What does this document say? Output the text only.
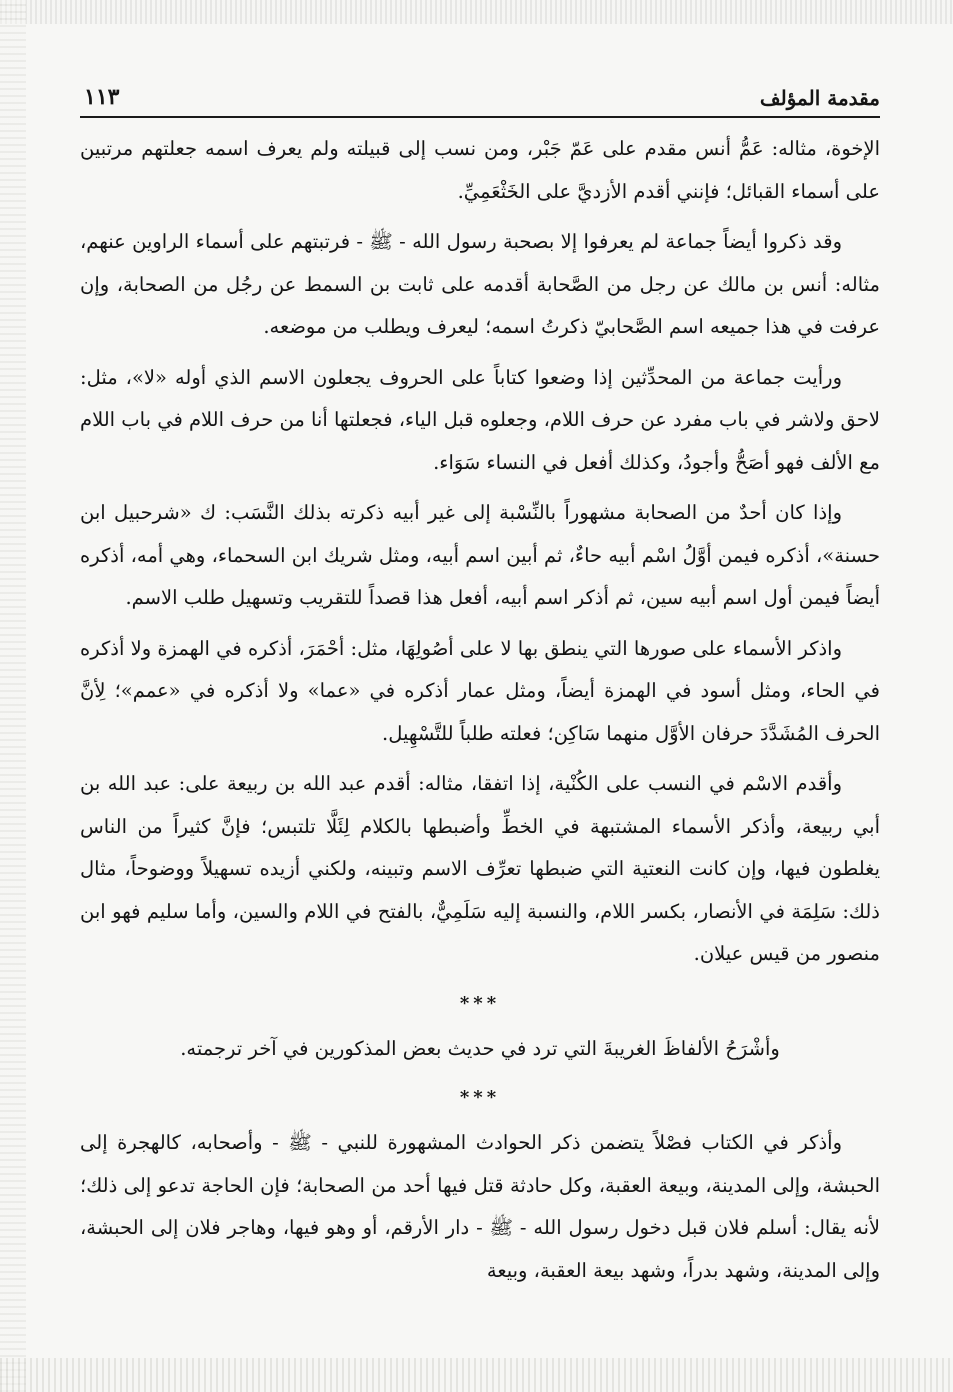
مقدمة المؤلف
١١٣

الإخوة، مثاله: عَمُّ أنس مقدم على عَمّ جَبْر، ومن نسب إلى قبيلته ولم يعرف اسمه جعلتهم مرتبين على أسماء القبائل؛ فإنني أقدم الأزديَّ على الخَثْعَمِيِّ.

وقد ذكروا أيضاً جماعة لم يعرفوا إلا بصحبة رسول الله - ﷺ - فرتبتهم على أسماء الراوين عنهم، مثاله: أنس بن مالك عن رجل من الصَّحابة أقدمه على ثابت بن السمط عن رجُل من الصحابة، وإن عرفت في هذا جميعه اسم الصَّحابيّ ذكرتُ اسمه؛ ليعرف ويطلب من موضعه.

ورأيت جماعة من المحدِّثين إذا وضعوا كتاباً على الحروف يجعلون الاسم الذي أوله «لا»، مثل: لاحق ولاشر في باب مفرد عن حرف اللام، وجعلوه قبل الياء، فجعلتها أنا من حرف اللام في باب اللام مع الألف فهو أصَحُّ وأجودُ، وكذلك أفعل في النساء سَوَاء.

وإذا كان أحدٌ من الصحابة مشهوراً بالنِّسْبة إلى غير أبيه ذكرته بذلك النَّسَب: ك «شرحبيل ابن حسنة»، أذكره فيمن أوَّلُ اسْم أبيه حاءٌ، ثم أبين اسم أبيه، ومثل شريك ابن السحماء، وهي أمه، أذكره أيضاً فيمن أول اسم أبيه سين، ثم أذكر اسم أبيه، أفعل هذا قصداً للتقريب وتسهيل طلب الاسم.

واذكر الأسماء على صورها التي ينطق بها لا على أصُولِهَا، مثل: أحْمَرَ، أذكره في الهمزة ولا أذكره في الحاء، ومثل أسود في الهمزة أيضاً، ومثل عمار أذكره في «عما» ولا أذكره في «عمم»؛ لِأنَّ الحرف المُشَدَّدَ حرفان الأوَّل منهما سَاكِن؛ فعلته طلباً للتَّسْهِيل.

وأقدم الاسْم في النسب على الكُنْية، إذا اتفقا، مثاله: أقدم عبد الله بن ربيعة على: عبد الله بن أبي ربيعة، وأذكر الأسماء المشتبهة في الخطِّ وأضبطها بالكلام لِئَلَّا تلتبس؛ فإنَّ كثيراً من الناس يغلطون فيها، وإن كانت النعتية التي ضبطها تعرِّف الاسم وتبينه، ولكني أزيده تسهيلاً ووضوحاً، مثال ذلك: سَلِمَة في الأنصار، بكسر اللام، والنسبة إليه سَلَمِيٌّ، بالفتح في اللام والسين، وأما سليم فهو ابن منصور من قيس عيلان.

***

وأشْرَحُ الألفاظَ الغريبةَ التي ترد في حديث بعض المذكورين في آخر ترجمته.

***

وأذكر في الكتاب فصْلاً يتضمن ذكر الحوادث المشهورة للنبي - ﷺ - وأصحابه، كالهجرة إلى الحبشة، وإلى المدينة، وبيعة العقبة، وكل حادثة قتل فيها أحد من الصحابة؛ فإن الحاجة تدعو إلى ذلك؛ لأنه يقال: أسلم فلان قبل دخول رسول الله - ﷺ - دار الأرقم، أو وهو فيها، وهاجر فلان إلى الحبشة، وإلى المدينة، وشهد بدراً، وشهد بيعة العقبة، وبيعة
